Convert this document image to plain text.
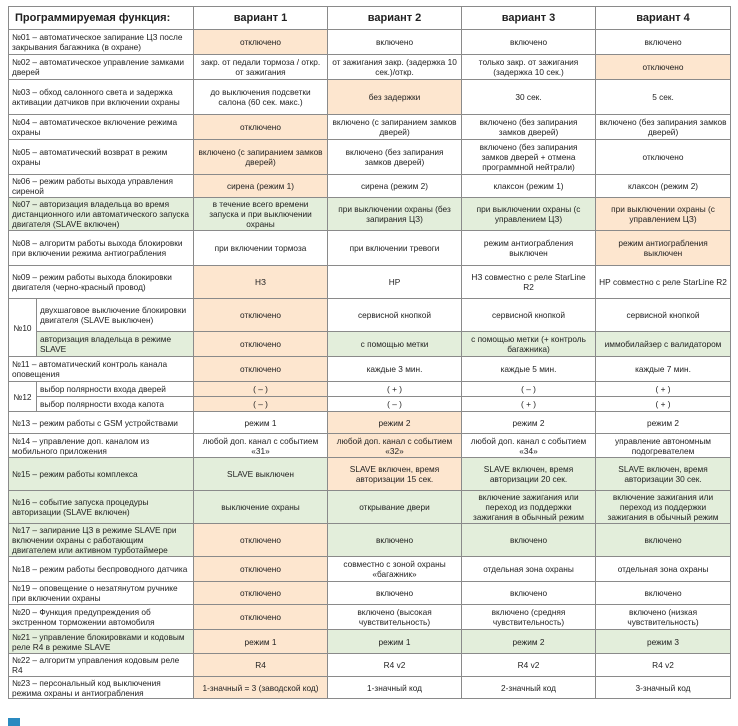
Программируемая функция:		вариант 1	вариант 2	вариант 3	вариант 4
№01 – автоматическое запирание ЦЗ после закрывания багажника (в охране)		отключено	включено	включено	включено
№02 – автоматическое управление замками дверей		закр. от педали тормоза / откр. от зажигания	от зажигания закр. (задержка 10 сек.)/откр.	только закр. от зажигания (задержка 10 сек.)	отключено
№03 – обход салонного света и задержка активации датчиков при включении охраны		до выключения подсветки салона (60 сек. макс.)	без задержки	30 сек.	5 сек.
№04 – автоматическое включение режима охраны		отключено	включено (с запиранием замков дверей)	включено (без запирания замков дверей)	включено (без запирания замков дверей)
№05 – автоматический возврат в режим охраны		включено (с запиранием замков дверей)	включено (без запирания замков дверей)	включено (без запирания замков дверей + отмена программной нейтрали)	отключено
№06 – режим работы выхода управления сиреной		сирена (режим 1)	сирена (режим 2)	клаксон (режим 1)	клаксон (режим 2)
№07 – авторизация владельца во время дистанционного или автоматического запуска двигателя (SLAVE включен)		в течение всего времени запуска и при выключении охраны	при выключении охраны (без запирания ЦЗ)	при выключении охраны (с управлением ЦЗ)	при выключении охраны (с управлением ЦЗ)
№08 – алгоритм работы выхода блокировки при включении режима антиограбления		при включении тормоза	при включении тревоги	режим антиограбления выключен	режим антиограбления выключен
№09 – режим работы выхода блокировки двигателя (черно-красный провод)		НЗ	НР	НЗ совместно с реле StarLine R2	НР совместно с реле StarLine R2
№10	двухшаговое выключение блокировки двигателя (SLAVE выключен)	отключено	сервисной кнопкой	сервисной кнопкой	сервисной кнопкой
	авторизация владельца в режиме SLAVE	отключено	с помощью метки	с помощью метки (+ контроль багажника)	иммобилайзер с валидатором
№11 – автоматический контроль канала оповещения		отключено	каждые 3 мин.	каждые 5 мин.	каждые 7 мин.
№12	выбор полярности входа дверей	( – )	( + )	( – )	( + )
	выбор полярности входа капота	( – )	( – )	( + )	( + )
№13 – режим работы с GSM устройствами		режим 1	режим 2	режим 2	режим 2
№14 – управление доп. каналом из мобильного приложения		любой доп. канал с событием «31»	любой доп. канал с событием «32»	любой доп. канал с событием «34»	управление автономным подогревателем
№15 – режим работы комплекса		SLAVE выключен	SLAVE включен, время авторизации 15 сек.	SLAVE включен, время авторизации 20 сек.	SLAVE включен, время авторизации 30 сек.
№16 – событие запуска процедуры авторизации (SLAVE включен)		выключение охраны	открывание двери	включение зажигания или переход из поддержки зажигания в обычный режим	включение зажигания или переход из поддержки зажигания в обычный режим
№17 – запирание ЦЗ в режиме SLAVE при включении охраны с работающим двигателем или активном турботаймере		отключено	включено	включено	включено
№18 – режим работы беспроводного датчика		отключено	совместно с зоной охраны «багажник»	отдельная зона охраны	отдельная зона охраны
№19 – оповещение о незатянутом ручнике при включении охраны		отключено	включено	включено	включено
№20 – Функция предупреждения об экстренном торможении автомобиля		отключено	включено (высокая чувствительность)	включено (средняя чувствительность)	включено (низкая чувствительность)
№21 – управление блокировками и кодовым реле R4 в режиме SLAVE		режим 1	режим 1	режим 2	режим 3
№22 – алгоритм управления кодовым реле R4		R4	R4 v2	R4 v2	R4 v2
№23 – персональный код выключения режима охраны и антиограбления		1-значный = 3 (заводской код)	1-значный код	2-значный код	3-значный код
